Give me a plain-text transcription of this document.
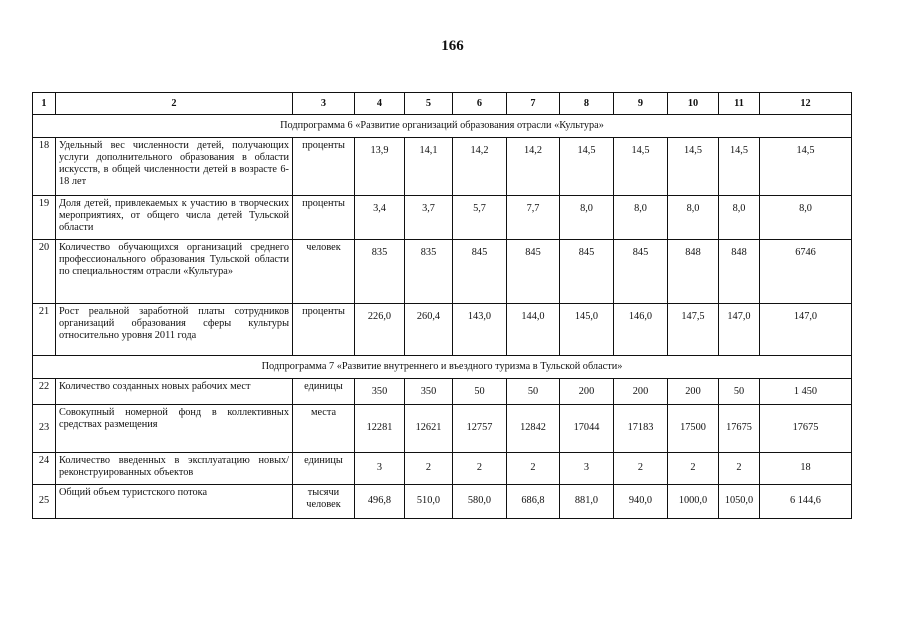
166
1	2	3	4	5	6	7	8	9	10	11	12
Подпрограмма 6 «Развитие организаций образования отрасли «Культура»											
18	Удельный вес численности детей, получающих услуги дополнительного образования в области искусств, в общей численности детей в возрасте 6-18 лет	проценты	13,9	14,1	14,2	14,2	14,5	14,5	14,5	14,5	14,5
19	Доля детей, привлекаемых к участию в творческих мероприятиях, от общего числа детей Тульской области	проценты	3,4	3,7	5,7	7,7	8,0	8,0	8,0	8,0	8,0
20	Количество обучающихся организаций среднего профессионального образования Тульской области по специальностям отрасли «Культура»	человек	835	835	845	845	845	845	848	848	6746
21	Рост реальной заработной платы сотрудников организаций образования сферы культуры относительно уровня 2011 года	проценты	226,0	260,4	143,0	144,0	145,0	146,0	147,5	147,0	147,0
Подпрограмма 7 «Развитие внутреннего и въездного туризма в Тульской области»											
22	Количество созданных новых рабочих мест	единицы	350	350	50	50	200	200	200	50	1 450
23	Совокупный номерной фонд в коллективных средствах размещения	места	12281	12621	12757	12842	17044	17183	17500	17675	17675
24	Количество введенных в эксплуатацию новых/реконструированных объектов	единицы	3	2	2	2	3	2	2	2	18
25	Общий объем туристского потока	тысячи человек	496,8	510,0	580,0	686,8	881,0	940,0	1000,0	1050,0	6 144,6
